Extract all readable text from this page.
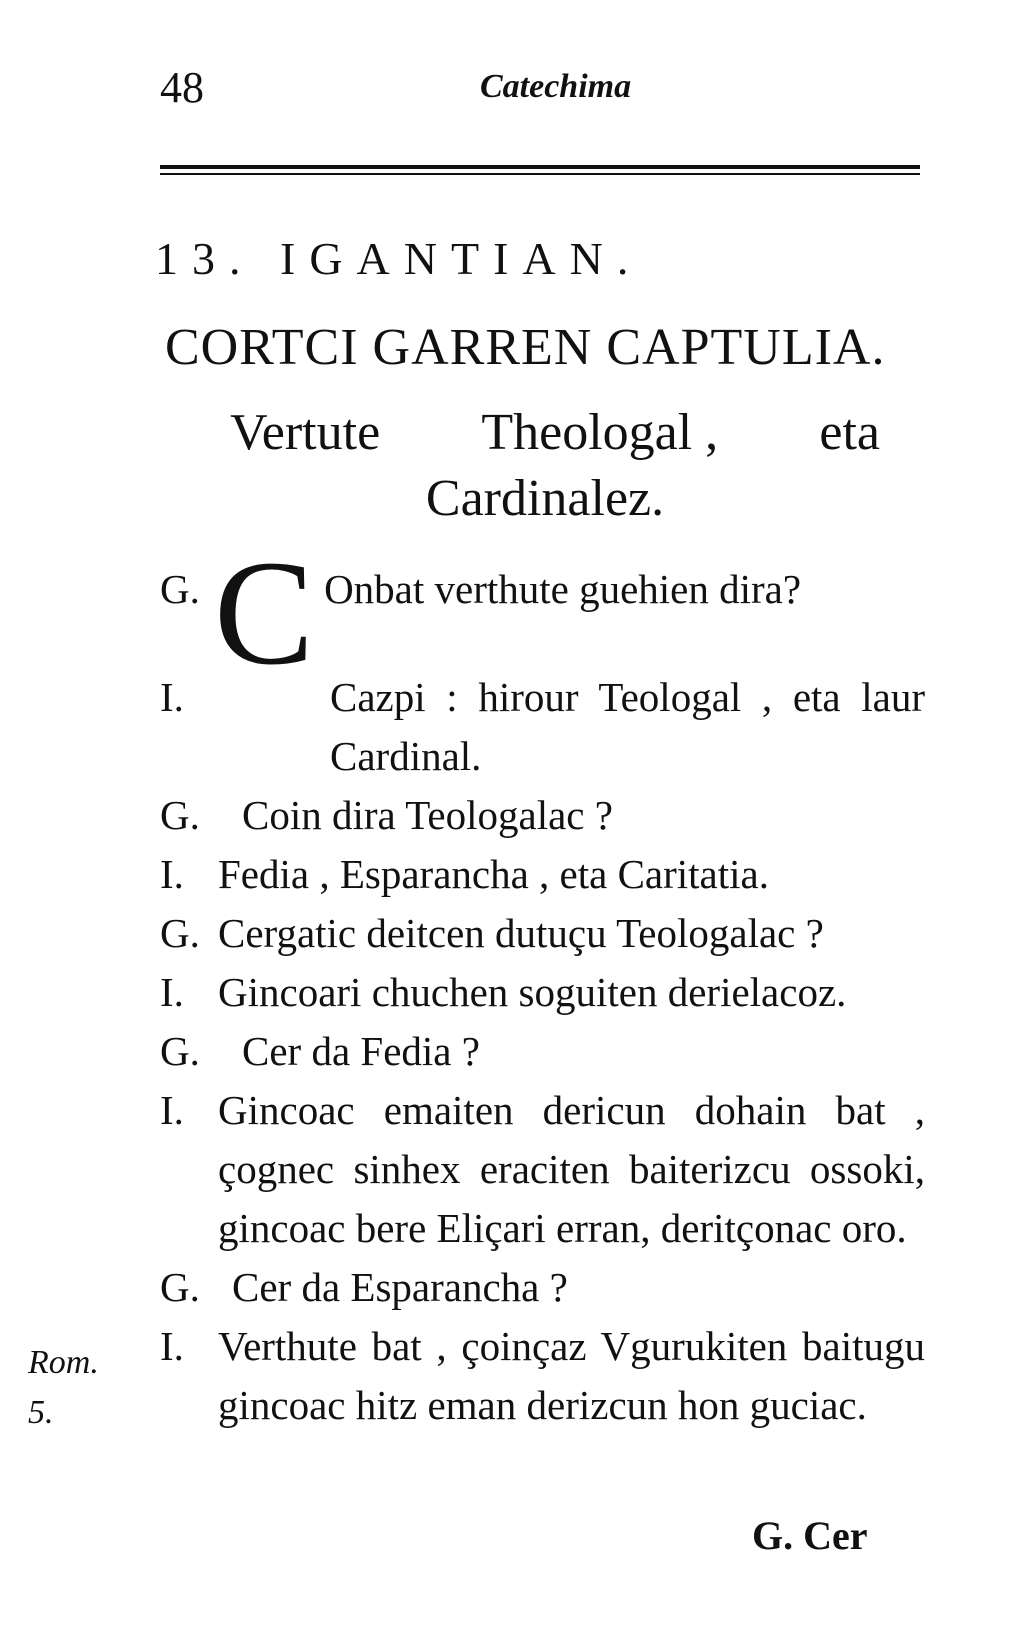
48	Catechima
13. IGANTIAN.
CORTCI GARREN CAPTULIA.
Vertute Theologal , eta
Cardinalez.
G. C Onbat verthute guehien dira?
I.	Cazpi : hirour Teologal , eta laur Cardinal.
G.	Coin dira Teologalac ?
I. Fedia , Esparancha , eta Caritatia.
G. Cergatic deitcen dutuçu Teologalac ?
I. Gincoari chuchen soguiten derielacoz.
G.	Cer da Fedia ?
I. Gincoac emaiten dericun dohain bat , çognec sinhex eraciten baiterizcu ossoki, gincoac bere Eliçari erran, deritçonac oro.
G. Cer da Esparancha ?
I. Verthute bat , çoinçaz Vgurukiten baitugu gincoac hitz eman derizcun hon guciac.
Rom.
5.
G. Cer
